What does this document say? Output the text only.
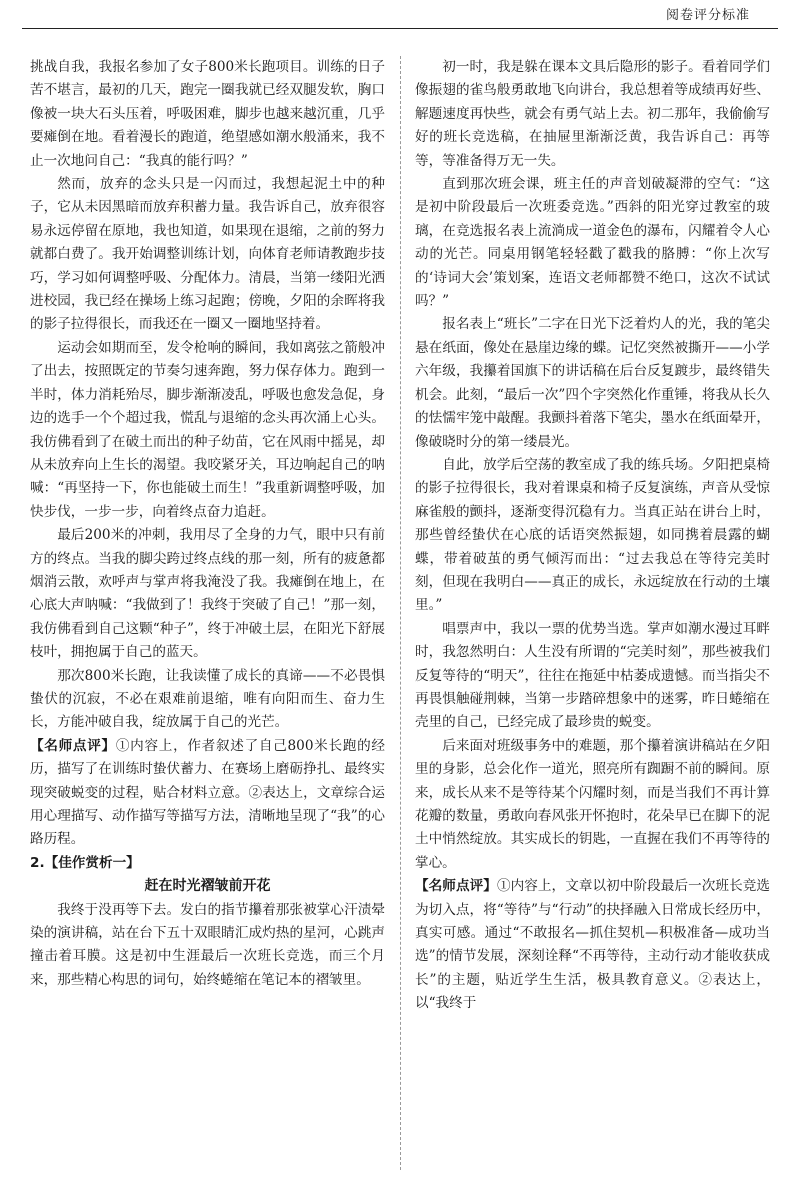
阅卷评分标准

挑战自我，我报名参加了女子800米长跑项目。训练的日子苦不堪言，最初的几天，跑完一圈我就已经双腿发软，胸口像被一块大石头压着，呼吸困难，脚步也越来越沉重，几乎要瘫倒在地。看着漫长的跑道，绝望感如潮水般涌来，我不止一次地问自己：“我真的能行吗？”

然而，放弃的念头只是一闪而过，我想起泥土中的种子，它从未因黑暗而放弃积蓄力量。我告诉自己，放弃很容易永远停留在原地，我也知道，如果现在退缩，之前的努力就都白费了。我开始调整训练计划，向体育老师请教跑步技巧，学习如何调整呼吸、分配体力。清晨，当第一缕阳光洒进校园，我已经在操场上练习起跑；傍晚，夕阳的余晖将我的影子拉得很长，而我还在一圈又一圈地坚持着。

运动会如期而至，发令枪响的瞬间，我如离弦之箭般冲了出去，按照既定的节奏匀速奔跑，努力保存体力。跑到一半时，体力消耗殆尽，脚步渐渐凌乱，呼吸也愈发急促，身边的选手一个个超过我，慌乱与退缩的念头再次涌上心头。我仿佛看到了在破土而出的种子幼苗，它在风雨中摇晃，却从未放弃向上生长的渴望。我咬紧牙关，耳边响起自己的呐喊：“再坚持一下，你也能破土而生！”我重新调整呼吸，加快步伐，一步一步，向着终点奋力追赶。

最后200米的冲刺，我用尽了全身的力气，眼中只有前方的终点。当我的脚尖跨过终点线的那一刻，所有的疲惫都烟消云散，欢呼声与掌声将我淹没了我。我瘫倒在地上，在心底大声呐喊：“我做到了！我终于突破了自己！”那一刻，我仿佛看到自己这颗“种子”，终于冲破土层，在阳光下舒展枝叶，拥抱属于自己的蓝天。

那次800米长跑，让我读懂了成长的真谛——不必畏惧蛰伏的沉寂，不必在艰难前退缩，唯有向阳而生、奋力生长，方能冲破自我，绽放属于自己的光芒。

【名师点评】①内容上，作者叙述了自己800米长跑的经历，描写了在训练时蛰伏蓄力、在赛场上磨砺挣扎、最终实现突破蜕变的过程，贴合材料立意。②表达上，文章综合运用心理描写、动作描写等描写方法，清晰地呈现了“我”的心路历程。

2.【佳作赏析一】

赶在时光褶皱前开花

我终于没再等下去。发白的指节攥着那张被掌心汗渍晕染的演讲稿，站在台下五十双眼睛汇成灼热的星河，心跳声撞击着耳膜。这是初中生涯最后一次班长竞选，而三个月来，那些精心构思的词句，始终蜷缩在笔记本的褶皱里。

初一时，我是躲在课本文具后隐形的影子。看着同学们像振翅的雀鸟般勇敢地飞向讲台，我总想着等成绩再好些、解题速度再快些，就会有勇气站上去。初二那年，我偷偷写好的班长竞选稿，在抽屉里渐渐泛黄，我告诉自己：再等等，等准备得万无一失。

直到那次班会课，班主任的声音划破凝滞的空气：“这是初中阶段最后一次班委竞选。”西斜的阳光穿过教室的玻璃，在竞选报名表上流淌成一道金色的瀑布，闪耀着令人心动的光芒。同桌用钢笔轻轻戳了戳我的胳膊：“你上次写的‘诗词大会’策划案，连语文老师都赞不绝口，这次不试试吗？”

报名表上“班长”二字在日光下泛着灼人的光，我的笔尖悬在纸面，像处在悬崖边缘的蝶。记忆突然被撕开——小学六年级，我攥着国旗下的讲话稿在后台反复踱步，最终错失机会。此刻，“最后一次”四个字突然化作重锤，将我从长久的怯懦牢笼中敲醒。我颤抖着落下笔尖，墨水在纸面晕开，像破晓时分的第一缕晨光。

自此，放学后空荡的教室成了我的练兵场。夕阳把桌椅的影子拉得很长，我对着课桌和椅子反复演练，声音从受惊麻雀般的颤抖，逐渐变得沉稳有力。当真正站在讲台上时，那些曾经蛰伏在心底的话语突然振翅，如同携着晨露的蝴蝶，带着破茧的勇气倾泻而出：“过去我总在等待完美时刻，但现在我明白——真正的成长，永远绽放在行动的土壤里。”

唱票声中，我以一票的优势当选。掌声如潮水漫过耳畔时，我忽然明白：人生没有所谓的“完美时刻”，那些被我们反复等待的“明天”，往往在拖延中枯萎成遗憾。而当指尖不再畏惧触碰荆棘，当第一步踏碎想象中的迷雾，昨日蜷缩在壳里的自己，已经完成了最珍贵的蜕变。

后来面对班级事务中的难题，那个攥着演讲稿站在夕阳里的身影，总会化作一道光，照亮所有踟蹰不前的瞬间。原来，成长从来不是等待某个闪耀时刻，而是当我们不再计算花瓣的数量，勇敢向春风张开怀抱时，花朵早已在脚下的泥土中悄然绽放。其实成长的钥匙，一直握在我们不再等待的掌心。

【名师点评】①内容上，文章以初中阶段最后一次班长竞选为切入点，将“等待”与“行动”的抉择融入日常成长经历中，真实可感。通过“不敢报名—抓住契机—积极准备—成功当选”的情节发展，深刻诠释“不再等待，主动行动才能收获成长”的主题，贴近学生生活，极具教育意义。②表达上，以“我终于
